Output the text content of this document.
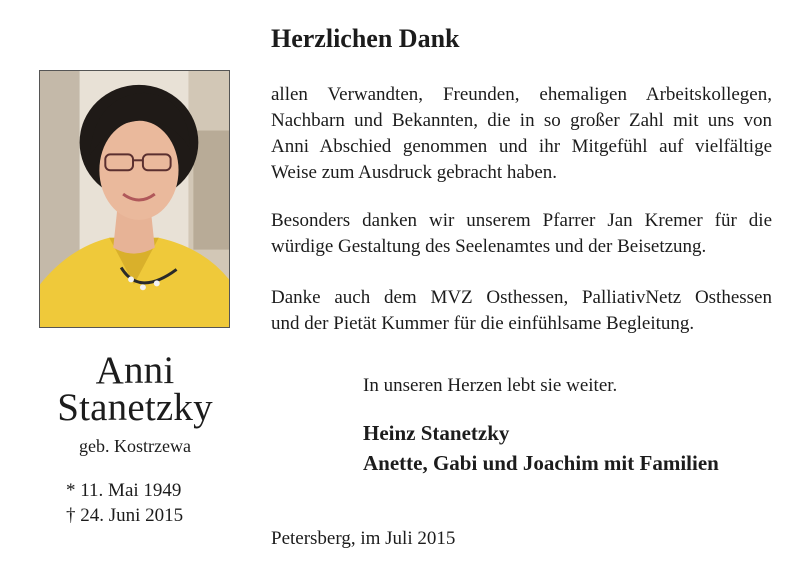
Anni
Stanetzky
geb. Kostrzewa
* 11. Mai 1949
† 24. Juni 2015
Herzlichen Dank
allen Verwandten, Freunden, ehemaligen Arbeitskollegen,
Nachbarn und Bekannten, die in so großer Zahl mit uns von
Anni Abschied genommen und ihr Mitgefühl auf vielfältige
Weise zum Ausdruck gebracht haben.
Besonders danken wir unserem Pfarrer Jan Kremer für die
würdige Gestaltung des Seelenamtes und der Beisetzung.
Danke auch dem MVZ Osthessen, PalliativNetz Osthessen
und der Pietät Kummer für die einfühlsame Begleitung.
In unseren Herzen lebt sie weiter.
Heinz Stanetzky
Anette, Gabi und Joachim mit Familien
Petersberg, im Juli 2015
